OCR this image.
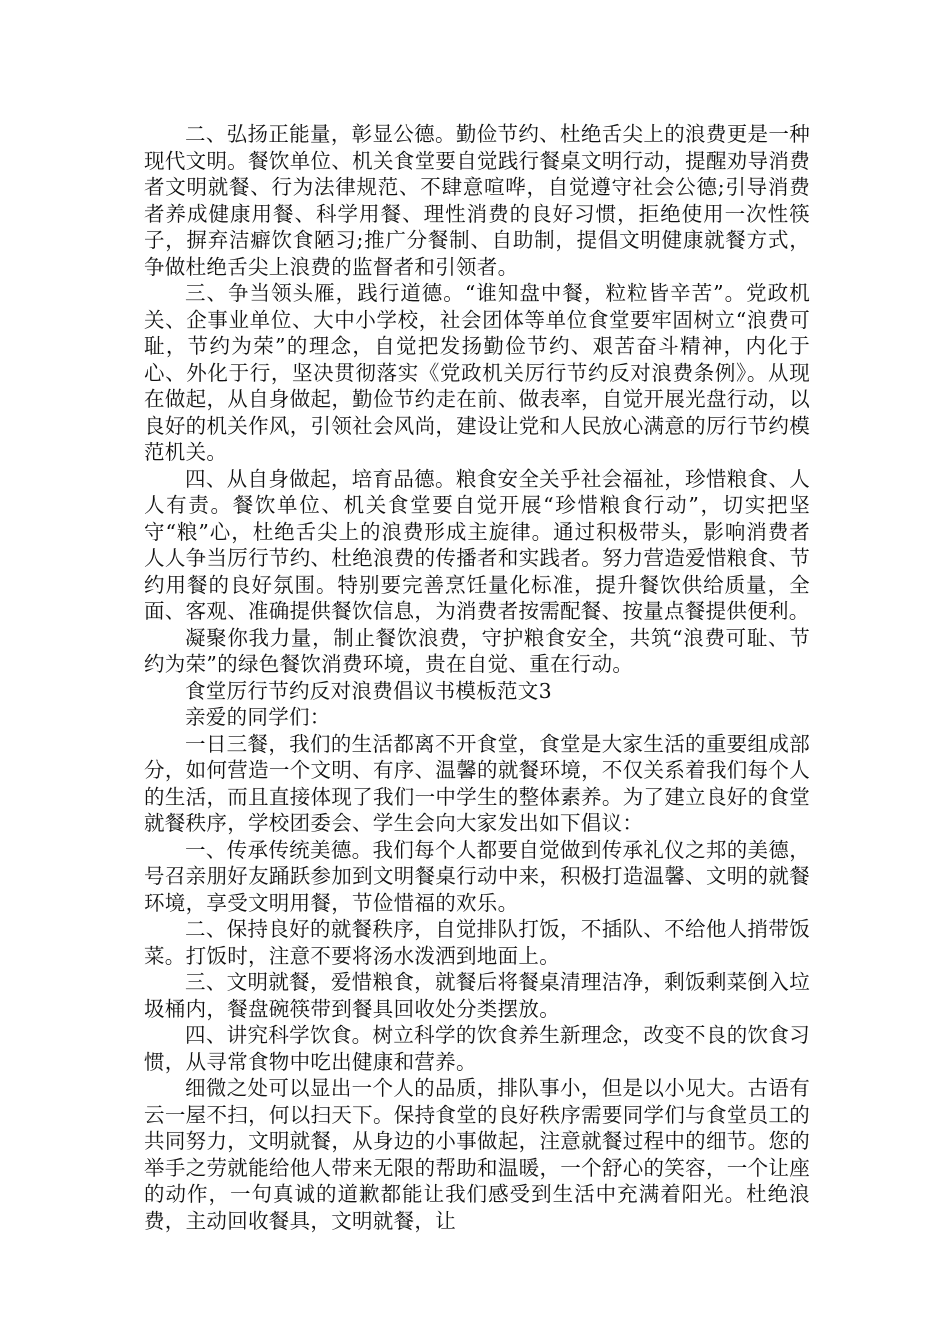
二、弘扬正能量，彰显公德。勤俭节约、杜绝舌尖上的浪费更是一种现代文明。餐饮单位、机关食堂要自觉践行餐桌文明行动，提醒劝导消费者文明就餐、行为法律规范、不肆意喧哗，自觉遵守社会公德;引导消费者养成健康用餐、科学用餐、理性消费的良好习惯，拒绝使用一次性筷子，摒弃洁癖饮食陋习;推广分餐制、自助制，提倡文明健康就餐方式，争做杜绝舌尖上浪费的监督者和引领者。

三、争当领头雁，践行道德。“谁知盘中餐，粒粒皆辛苦”。党政机关、企事业单位、大中小学校，社会团体等单位食堂要牢固树立“浪费可耻，节约为荣”的理念，自觉把发扬勤俭节约、艰苦奋斗精神，内化于心、外化于行，坚决贯彻落实《党政机关厉行节约反对浪费条例》。从现在做起，从自身做起，勤俭节约走在前、做表率，自觉开展光盘行动，以良好的机关作风，引领社会风尚，建设让党和人民放心满意的厉行节约模范机关。

四、从自身做起，培育品德。粮食安全关乎社会福祉，珍惜粮食、人人有责。餐饮单位、机关食堂要自觉开展“珍惜粮食行动”，切实把坚守“粮”心，杜绝舌尖上的浪费形成主旋律。通过积极带头，影响消费者人人争当厉行节约、杜绝浪费的传播者和实践者。努力营造爱惜粮食、节约用餐的良好氛围。特别要完善烹饪量化标准，提升餐饮供给质量，全面、客观、准确提供餐饮信息，为消费者按需配餐、按量点餐提供便利。

凝聚你我力量，制止餐饮浪费，守护粮食安全，共筑“浪费可耻、节约为荣”的绿色餐饮消费环境，贵在自觉、重在行动。

食堂厉行节约反对浪费倡议书模板范文3

亲爱的同学们：

一日三餐，我们的生活都离不开食堂，食堂是大家生活的重要组成部分，如何营造一个文明、有序、温馨的就餐环境，不仅关系着我们每个人的生活，而且直接体现了我们一中学生的整体素养。为了建立良好的食堂就餐秩序，学校团委会、学生会向大家发出如下倡议：

一、传承传统美德。我们每个人都要自觉做到传承礼仪之邦的美德，号召亲朋好友踊跃参加到文明餐桌行动中来，积极打造温馨、文明的就餐环境，享受文明用餐，节俭惜福的欢乐。

二、保持良好的就餐秩序，自觉排队打饭，不插队、不给他人捎带饭菜。打饭时，注意不要将汤水泼洒到地面上。

三、文明就餐，爱惜粮食，就餐后将餐桌清理洁净，剩饭剩菜倒入垃圾桶内，餐盘碗筷带到餐具回收处分类摆放。

四、讲究科学饮食。树立科学的饮食养生新理念，改变不良的饮食习惯，从寻常食物中吃出健康和营养。

细微之处可以显出一个人的品质，排队事小，但是以小见大。古语有云一屋不扫，何以扫天下。保持食堂的良好秩序需要同学们与食堂员工的共同努力，文明就餐，从身边的小事做起，注意就餐过程中的细节。您的举手之劳就能给他人带来无限的帮助和温暖，一个舒心的笑容，一个让座的动作，一句真诚的道歉都能让我们感受到生活中充满着阳光。杜绝浪费，主动回收餐具，文明就餐，让
